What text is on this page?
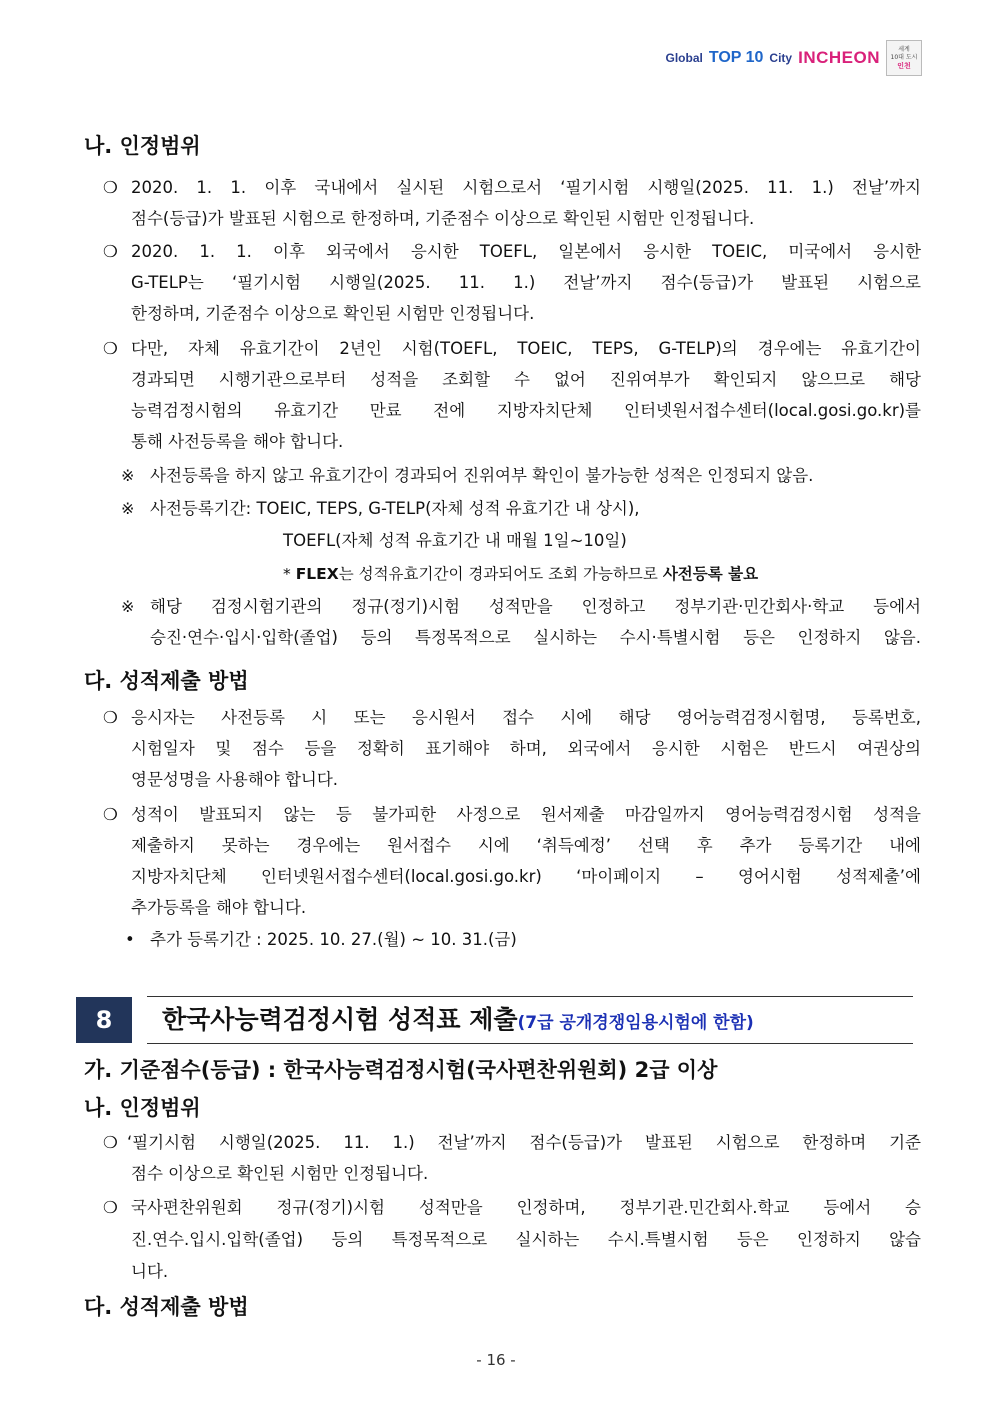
Global TOP 10 City INCHEON	세계
10대 도시
인천
나. 인정범위
❍ 2020. 1. 1. 이후 국내에서 실시된 시험으로서 ‘필기시험 시행일(2025. 11. 1.) 전날’까지
점수(등급)가 발표된 시험으로 한정하며, 기준점수 이상으로 확인된 시험만 인정됩니다.
❍ 2020. 1. 1. 이후 외국에서 응시한 TOEFL, 일본에서 응시한 TOEIC, 미국에서 응시한
G-TELP는 ‘필기시험 시행일(2025. 11. 1.) 전날’까지 점수(등급)가 발표된 시험으로
한정하며, 기준점수 이상으로 확인된 시험만 인정됩니다.
❍ 다만, 자체 유효기간이 2년인 시험(TOEFL, TOEIC, TEPS, G-TELP)의 경우에는 유효기간이
경과되면 시행기관으로부터 성적을 조회할 수 없어 진위여부가 확인되지 않으므로 해당
능력검정시험의 유효기간 만료 전에 지방자치단체 인터넷원서접수센터(local.gosi.go.kr)를
통해 사전등록을 해야 합니다.
※ 사전등록을 하지 않고 유효기간이 경과되어 진위여부 확인이 불가능한 성적은 인정되지 않음.
※ 사전등록기간: TOEIC, TEPS, G-TELP(자체 성적 유효기간 내 상시),
TOEFL(자체 성적 유효기간 내 매월 1일∼10일)
* FLEX는 성적유효기간이 경과되어도 조회 가능하므로 사전등록 불요
※ 해당 검정시험기관의 정규(정기)시험 성적만을 인정하고 정부기관·민간회사·학교 등에서
승진·연수·입시·입학(졸업) 등의 특정목적으로 실시하는 수시·특별시험 등은 인정하지 않음.
다. 성적제출 방법
❍ 응시자는 사전등록 시 또는 응시원서 접수 시에 해당 영어능력검정시험명, 등록번호,
시험일자 및 점수 등을 정확히 표기해야 하며, 외국에서 응시한 시험은 반드시 여권상의
영문성명을 사용해야 합니다.
❍ 성적이 발표되지 않는 등 불가피한 사정으로 원서제출 마감일까지 영어능력검정시험 성적을
제출하지 못하는 경우에는 원서접수 시에 ‘취득예정’ 선택 후 추가 등록기간 내에
지방자치단체 인터넷원서접수센터(local.gosi.go.kr) ‘마이페이지 – 영어시험 성적제출’에
추가등록을 해야 합니다.
• 추가 등록기간 : 2025. 10. 27.(월) ~ 10. 31.(금)
8	한국사능력검정시험 성적표 제출(7급 공개경쟁임용시험에 한함)
가. 기준점수(등급) : 한국사능력검정시험(국사편찬위원회) 2급 이상
나. 인정범위
❍ ‘필기시험 시행일(2025. 11. 1.) 전날’까지 점수(등급)가 발표된 시험으로 한정하며 기준
점수 이상으로 확인된 시험만 인정됩니다.
❍ 국사편찬위원회 정규(정기)시험 성적만을 인정하며, 정부기관.민간회사.학교 등에서 승
진.연수.입시.입학(졸업) 등의 특정목적으로 실시하는 수시.특별시험 등은 인정하지 않습
니다.
다. 성적제출 방법
- 16 -
